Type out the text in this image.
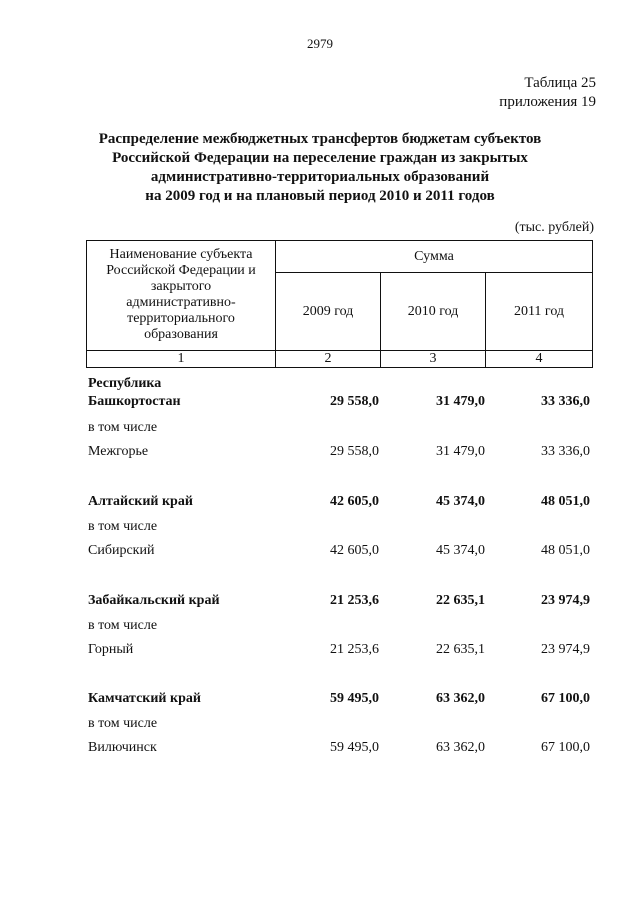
2979
Таблица 25
приложения 19
Распределение межбюджетных трансфертов бюджетам субъектов
Российской Федерации на переселение граждан из закрытых
административно-территориальных образований
на 2009 год и на плановый период 2010 и 2011 годов
(тыс. рублей)
Наименование субъекта
Российской Федерации и
закрытого
административно-
территориального
образования
Сумма
2009 год	2010 год	2011 год
1	2	3	4
Республика
Башкортостан	29 558,0	31 479,0	33 336,0
в том числе
Межгорье	29 558,0	31 479,0	33 336,0
Алтайский край	42 605,0	45 374,0	48 051,0
в том числе
Сибирский	42 605,0	45 374,0	48 051,0
Забайкальский край	21 253,6	22 635,1	23 974,9
в том числе
Горный	21 253,6	22 635,1	23 974,9
Камчатский край	59 495,0	63 362,0	67 100,0
в том числе
Вилючинск	59 495,0	63 362,0	67 100,0
